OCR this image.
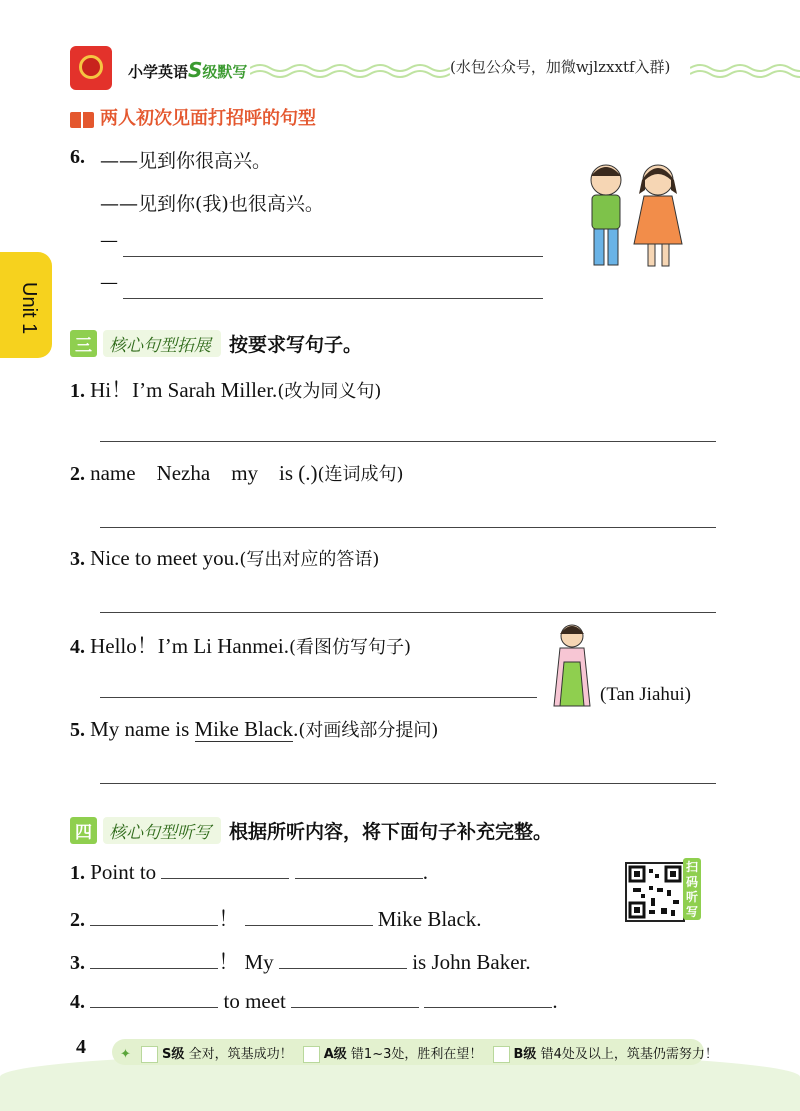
小学英语S级默写	(水包公众号，加微wjlzxxtf入群)
Unit 1
两人初次见面打招呼的句型
6. ——见到你很高兴。
——见到你(我)也很高兴。
—
—
三 核心句型拓展 按要求写句子。
1. Hi！I’m Sarah Miller.(改为同义句)
2. name    Nezha    my    is (.)(连词成句)
3. Nice to meet you.(写出对应的答语)
4. Hello！I’m Li Hanmei.(看图仿写句子)
(Tan Jiahui)
5. My name is Mike Black.(对画线部分提问)
四 核心句型听写 根据所听内容，将下面句子补充完整。
1. Point to	.
2.	！	Mike Black.
3.	！ My	is John Baker.
4.	to meet	.
扫码听写
4	✦ S级 全对，筑基成功！ A级 错1~3处，胜利在望！ B级 错4处及以上，筑基仍需努力！
